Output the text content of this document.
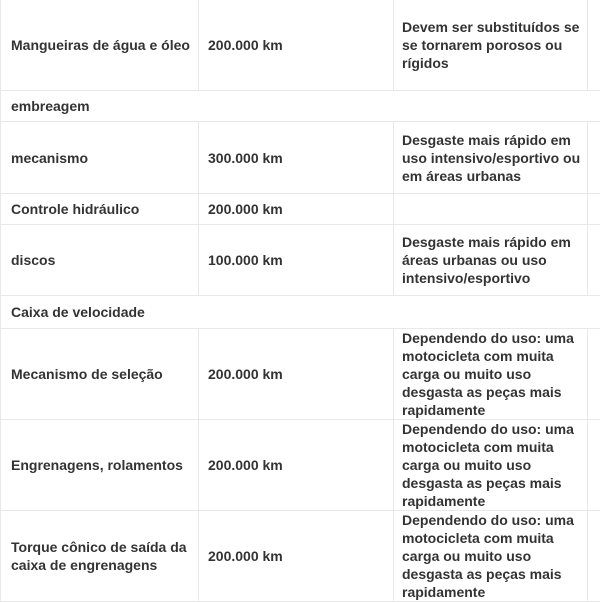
Mangueiras de água e óleo	200.000 km	Devem ser substituídos se se tornarem porosos ou rígidos	
embreagem			
mecanismo	300.000 km	Desgaste mais rápido em uso intensivo/esportivo ou em áreas urbanas	
Controle hidráulico	200.000 km		
discos	100.000 km	Desgaste mais rápido em áreas urbanas ou uso intensivo/esportivo	
Caixa de velocidade			
Mecanismo de seleção	200.000 km	Dependendo do uso: uma motocicleta com muita carga ou muito uso desgasta as peças mais rapidamente	
Engrenagens, rolamentos	200.000 km	Dependendo do uso: uma motocicleta com muita carga ou muito uso desgasta as peças mais rapidamente	
Torque cônico de saída da caixa de engrenagens	200.000 km	Dependendo do uso: uma motocicleta com muita carga ou muito uso desgasta as peças mais rapidamente	
